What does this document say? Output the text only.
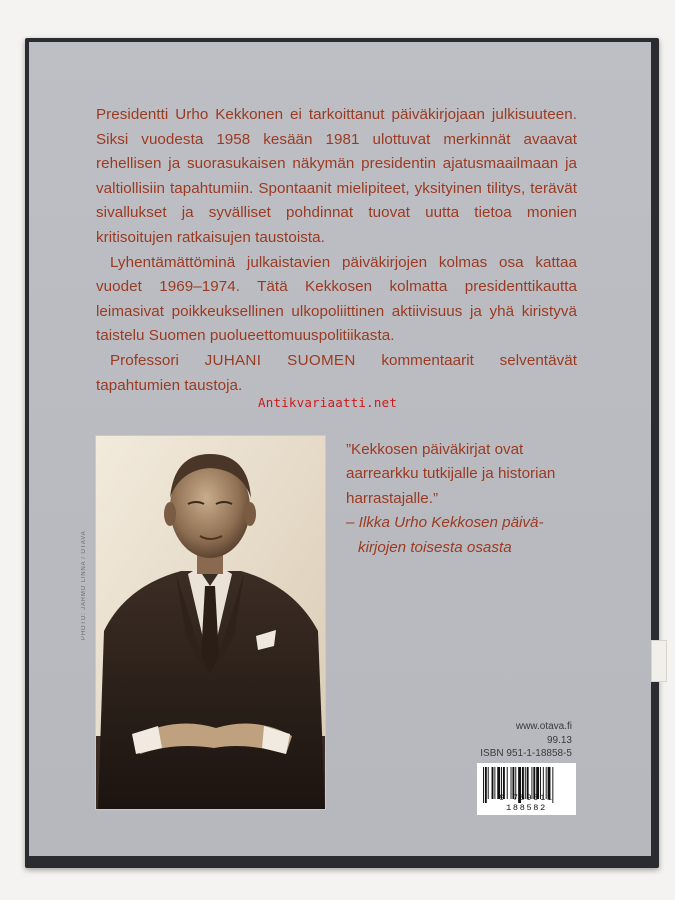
Presidentti Urho Kekkonen ei tarkoittanut päiväkirjojaan julkisuuteen. Siksi vuodesta 1958 kesään 1981 ulottuvat merkinnät avaavat rehellisen ja suorasukaisen näkymän presidentin ajatusmaailmaan ja valtiollisiin tapahtumiin. Spontaanit mielipiteet, yksityinen tilitys, terävät sivallukset ja syvälliset pohdinnat tuovat uutta tietoa monien kritisoitujen ratkaisujen taustoista.

Lyhentämättöminä julkaistavien päiväkirjojen kolmas osa kattaa vuodet 1969–1974. Tätä Kekkosen kolmatta presidenttikautta leimasivat poikkeuksellinen ulkopoliittinen aktiivisuus ja yhä kiristyvä taistelu Suomen puolueettomuuspolitiikasta.

Professori JUHANI SUOMEN kommentaarit selventävät tapahtumien taustoja.

Antikvariaatti.net
PHOTO: JARMO LINNA / OTAVA

”Kekkosen päiväkirjat ovat aarrearkku tutkijalle ja historian harrastajalle.”

– Ilkka Urho Kekkosen päivä-

kirjojen toisesta osasta

www.otava.fi
99.13
ISBN 951-1-18858-5
9 789511 188582
